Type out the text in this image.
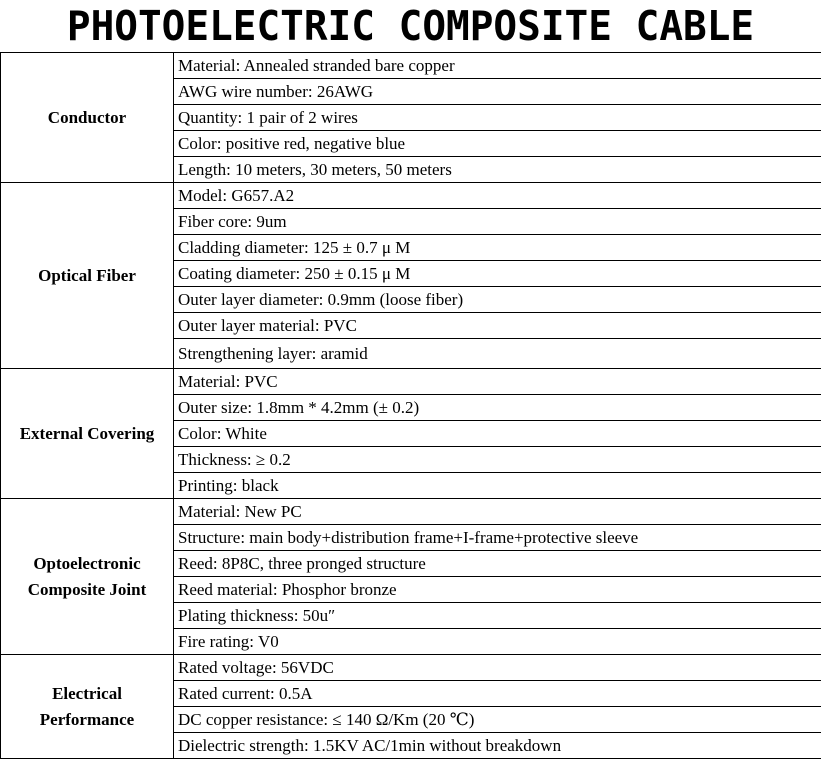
PHOTOELECTRIC COMPOSITE CABLE
Conductor	Material: Annealed stranded bare copper
	AWG wire number: 26AWG
	Quantity: 1 pair of 2 wires
	Color: positive red, negative blue
	Length: 10 meters, 30 meters, 50 meters
Optical Fiber	Model: G657.A2
	Fiber core: 9um
	Cladding diameter: 125 ± 0.7 μ M
	Coating diameter: 250 ± 0.15 μ M
	Outer layer diameter: 0.9mm (loose fiber)
	Outer layer material: PVC
	Strengthening layer: aramid
External Covering	Material: PVC
	Outer size: 1.8mm * 4.2mm (± 0.2)
	Color: White
	Thickness: ≥ 0.2
	Printing: black
Optoelectronic Composite Joint	Material: New PC
	Structure: main body+distribution frame+I-frame+protective sleeve
	Reed: 8P8C, three pronged structure
	Reed material: Phosphor bronze
	Plating thickness: 50u″
	Fire rating: V0
Electrical Performance	Rated voltage: 56VDC
	Rated current: 0.5A
	DC copper resistance: ≤ 140 Ω/Km (20 ℃)
	Dielectric strength: 1.5KV AC/1min without breakdown
